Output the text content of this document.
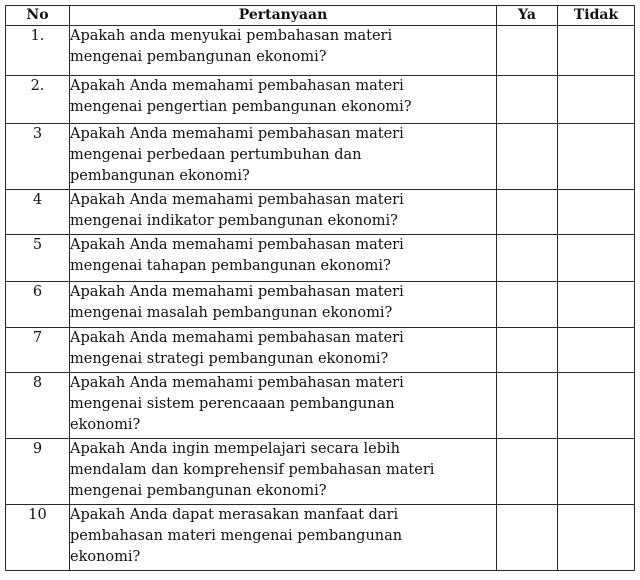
No	Pertanyaan	Ya	Tidak
1.	Apakah anda menyukai pembahasan materi
mengenai pembangunan ekonomi?		
2.	Apakah Anda memahami pembahasan materi
mengenai pengertian pembangunan ekonomi?		
3	Apakah Anda memahami pembahasan materi
mengenai perbedaan pertumbuhan dan
pembangunan ekonomi?		
4	Apakah Anda memahami pembahasan materi
mengenai indikator pembangunan ekonomi?		
5	Apakah Anda memahami pembahasan materi
mengenai tahapan pembangunan ekonomi?		
6	Apakah Anda memahami pembahasan materi
mengenai masalah pembangunan ekonomi?		
7	Apakah Anda memahami pembahasan materi
mengenai strategi pembangunan ekonomi?		
8	Apakah Anda memahami pembahasan materi
mengenai sistem perencaaan pembangunan
ekonomi?		
9	Apakah Anda ingin mempelajari secara lebih
mendalam dan komprehensif pembahasan materi
mengenai pembangunan ekonomi?		
10	Apakah Anda dapat merasakan manfaat dari
pembahasan materi mengenai pembangunan
ekonomi?		
